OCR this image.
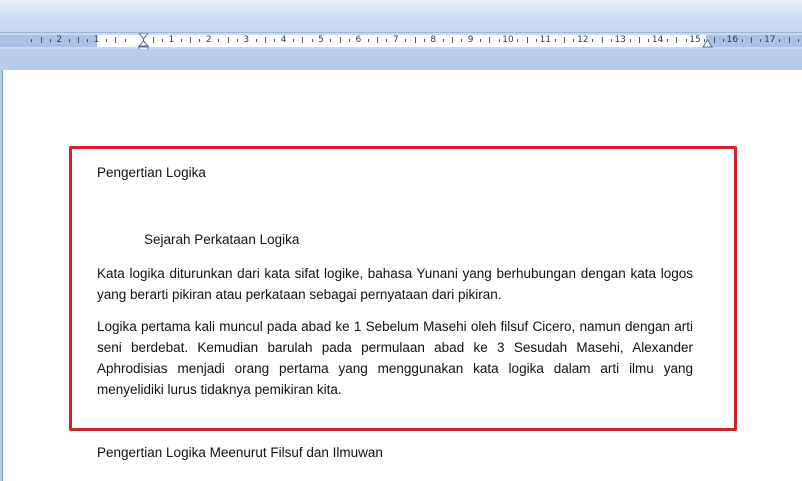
2	1	1	2	3	4	5	6	7	8	9	10	11	12	13	14	15	16	17
Pengertian Logika
Sejarah Perkataan Logika
Kata logika diturunkan dari kata sifat logike, bahasa Yunani yang berhubungan dengan kata logos yang berarti pikiran atau perkataan sebagai pernyataan dari pikiran.
Logika pertama kali muncul pada abad ke 1 Sebelum Masehi oleh filsuf Cicero, namun dengan arti seni berdebat. Kemudian barulah pada permulaan abad ke 3 Sesudah Masehi, Alexander Aphrodisias menjadi orang pertama yang menggunakan kata logika dalam arti ilmu yang menyelidiki lurus tidaknya pemikiran kita.
Pengertian Logika Meenurut Filsuf dan Ilmuwan
